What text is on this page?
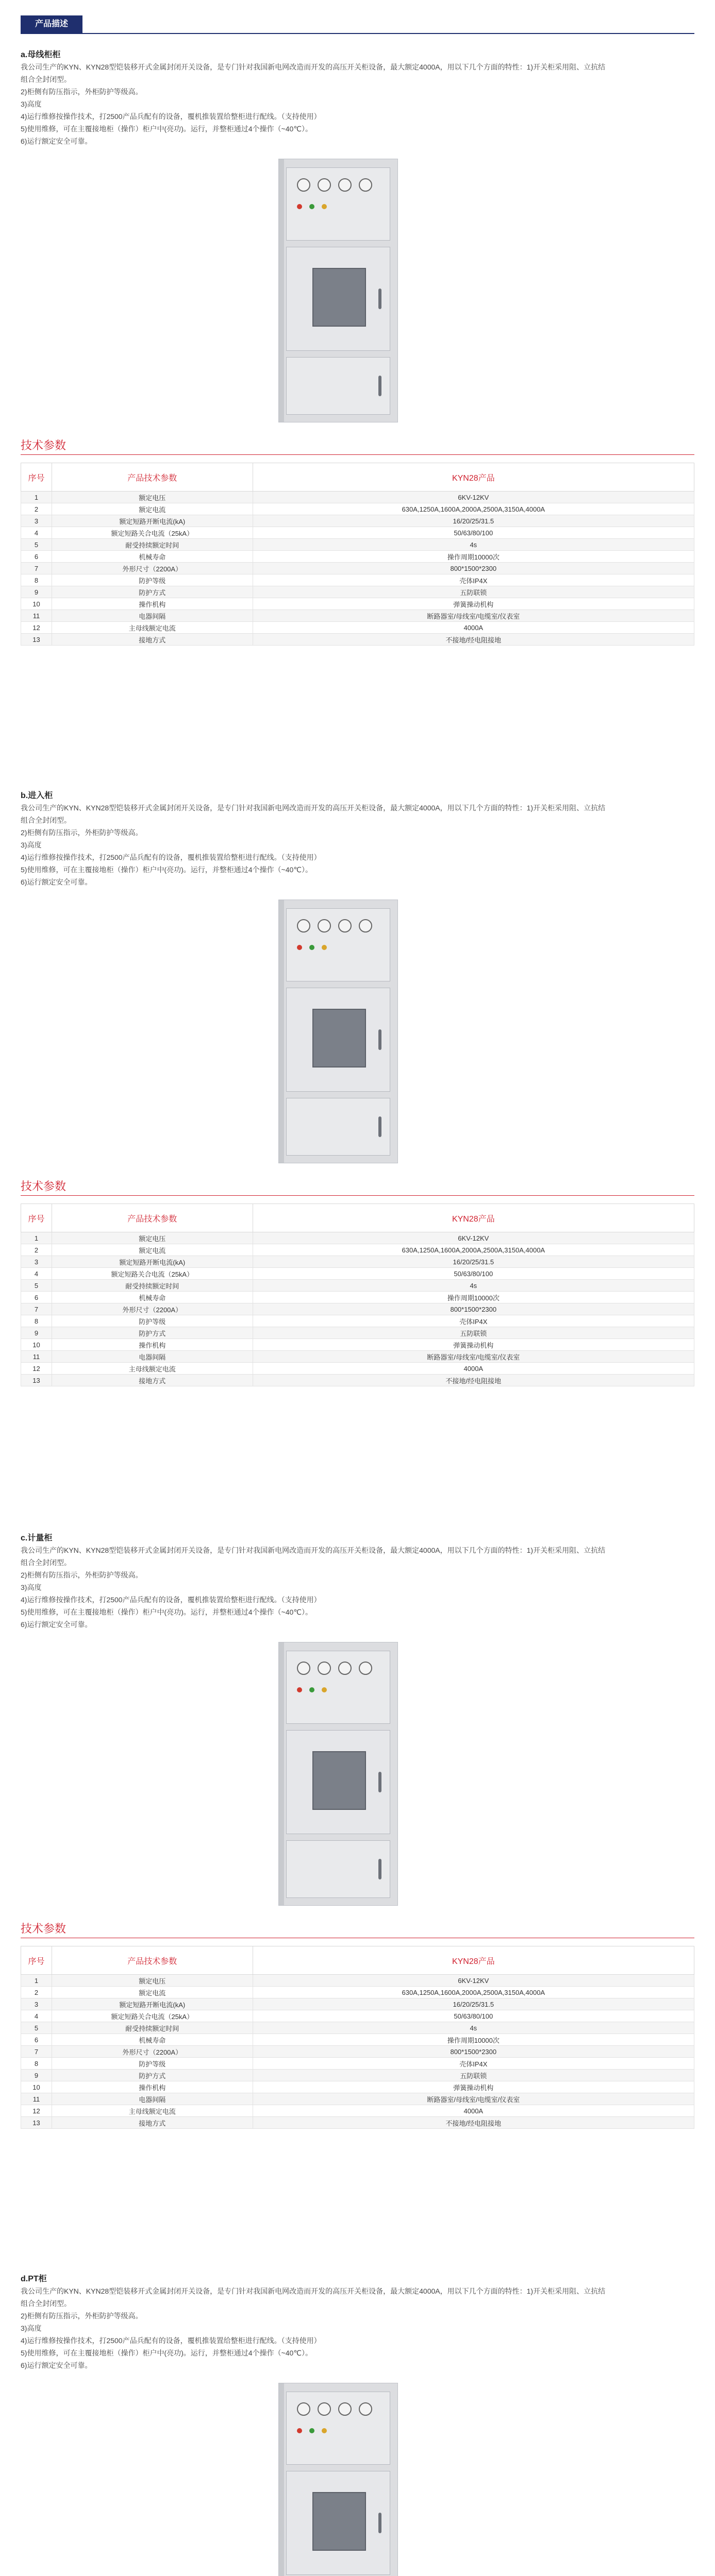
产品描述
a.母线柜柜

我公司生产的KYN、KYN28型铠装移开式金属封闭开关设备，是专门针对我国新电网改造而开发的高压开关柜设备，最大额定4000A，用以下几个方面的特性：1)开关柜采用阻、立抗结

组合全封闭型。

2)柜侧有防压指示，外柜防护等级高。

3)高度

4)运行维修按操作技术，打2500产品兵配有的设备，覆机推装置给整柜进行配线。（支持使用）

5)使用维修，可在主覆接地柜（操作）柜户中(亮功)。运行，并整柜通过4个操作（~40℃）。

6)运行额定安全可靠。

技术参数
序号	产品技术参数	KYN28产品
1	额定电压	6KV-12KV
2	额定电流	630A,1250A,1600A,2000A,2500A,3150A,4000A
3	额定短路开断电流(kA)	16/20/25/31.5
4	额定短路关合电流（25kA）	50/63/80/100
5	耐受持续额定时间	4s
6	机械寿命	操作周期10000次
7	外形尺寸（2200A）	800*1500*2300
8	防护等级	壳体IP4X
9	防护方式	五防联锁
10	操作机构	弹簧操动机构
11	电器间隔	断路器室/母线室/电缆室/仪表室
12	主母线额定电流	4000A
13	接地方式	不接地/经电阻接地
b.进入柜

我公司生产的KYN、KYN28型铠装移开式金属封闭开关设备，是专门针对我国新电网改造而开发的高压开关柜设备，最大额定4000A，用以下几个方面的特性：1)开关柜采用阻、立抗结

组合全封闭型。

2)柜侧有防压指示，外柜防护等级高。

3)高度

4)运行维修按操作技术，打2500产品兵配有的设备，覆机推装置给整柜进行配线。（支持使用）

5)使用维修，可在主覆接地柜（操作）柜户中(亮功)。运行，并整柜通过4个操作（~40℃）。

6)运行额定安全可靠。

技术参数
序号	产品技术参数	KYN28产品
1	额定电压	6KV-12KV
2	额定电流	630A,1250A,1600A,2000A,2500A,3150A,4000A
3	额定短路开断电流(kA)	16/20/25/31.5
4	额定短路关合电流（25kA）	50/63/80/100
5	耐受持续额定时间	4s
6	机械寿命	操作周期10000次
7	外形尺寸（2200A）	800*1500*2300
8	防护等级	壳体IP4X
9	防护方式	五防联锁
10	操作机构	弹簧操动机构
11	电器间隔	断路器室/母线室/电缆室/仪表室
12	主母线额定电流	4000A
13	接地方式	不接地/经电阻接地
c.计量柜

我公司生产的KYN、KYN28型铠装移开式金属封闭开关设备，是专门针对我国新电网改造而开发的高压开关柜设备，最大额定4000A，用以下几个方面的特性：1)开关柜采用阻、立抗结

组合全封闭型。

2)柜侧有防压指示，外柜防护等级高。

3)高度

4)运行维修按操作技术，打2500产品兵配有的设备，覆机推装置给整柜进行配线。（支持使用）

5)使用维修，可在主覆接地柜（操作）柜户中(亮功)。运行，并整柜通过4个操作（~40℃）。

6)运行额定安全可靠。

技术参数
序号	产品技术参数	KYN28产品
1	额定电压	6KV-12KV
2	额定电流	630A,1250A,1600A,2000A,2500A,3150A,4000A
3	额定短路开断电流(kA)	16/20/25/31.5
4	额定短路关合电流（25kA）	50/63/80/100
5	耐受持续额定时间	4s
6	机械寿命	操作周期10000次
7	外形尺寸（2200A）	800*1500*2300
8	防护等级	壳体IP4X
9	防护方式	五防联锁
10	操作机构	弹簧操动机构
11	电器间隔	断路器室/母线室/电缆室/仪表室
12	主母线额定电流	4000A
13	接地方式	不接地/经电阻接地
d.PT柜

我公司生产的KYN、KYN28型铠装移开式金属封闭开关设备，是专门针对我国新电网改造而开发的高压开关柜设备，最大额定4000A，用以下几个方面的特性：1)开关柜采用阻、立抗结

组合全封闭型。

2)柜侧有防压指示，外柜防护等级高。

3)高度

4)运行维修按操作技术，打2500产品兵配有的设备，覆机推装置给整柜进行配线。（支持使用）

5)使用维修，可在主覆接地柜（操作）柜户中(亮功)。运行，并整柜通过4个操作（~40℃）。

6)运行额定安全可靠。
